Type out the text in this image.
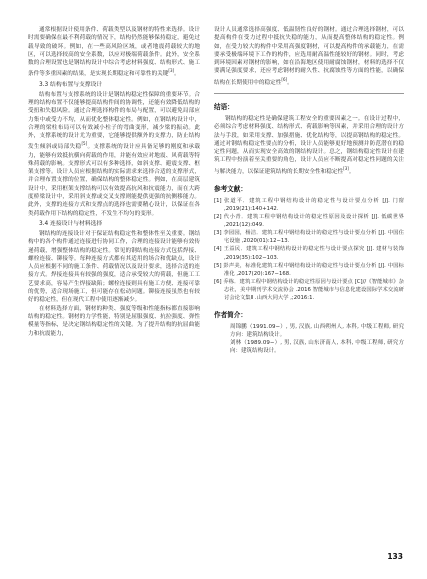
通常根据设计使用条件、荷载类型以及钢材的特性来选择。设计时需要确保在最不利荷载的情况下，结构仍然能够保持稳定，避免过载导致的破坏。例如，在一些高风险区域，或者地震荷载较大的地区，可以选择较高的安全系数，以应对极端荷载条件。此外，安全系数的合理设置也是钢结构设计中综合考虑材料强度、结构形式、施工条件等多重因素的结果，是实现长期稳定和可靠性的关键[3]。

3.3 结构布置与支撑设计

结构布置与支撑系统的设计是钢结构稳定性保障的重要环节。合理的结构布置不仅能够提高结构件间的协调性，还能有效降低结构的受扭和失稳风险。通过合理选择构件的布局与配置，可以避免局部应力集中或受力不均，从而优化整体稳定性。例如，在钢结构设计中，合理的梁柱布局可以有效减小柱子的弯曲变形，减少梁的振动。此外，支撑系统的设计尤为重要，它能够提供额外的支撑力，防止结构发生倾斜或局部失稳[5]。支撑系统的设计应具备足够的刚度和承载力，能够有效抵抗横向荷载的作用，并能有效应对地震、风荷载等特殊荷载的影响。支撑形式可以有多种选择，如斜支撑、避震支撑、框架支撑等。设计人员应根据结构的实际需求来选择合适的支撑形式，并合理布置支撑的位置，确保结构的整体稳定性。例如，在高层建筑设计中，采用框架支撑结构可以有效提高抗风和抗震能力，而在大跨度桥梁设计中，采用斜支撑或交叉支撑则能提供更强的抗侧移能力。此外，支撑的连接方式和支撑点的选择也需要精心设计，以保证在各类荷载作用下结构的稳定性，不发生不均匀的变形。

3.4 连接设计与材料选择

钢结构的连接设计对于保证结构稳定性和整体性至关重要。钢结构中的各个构件通过连接进行协同工作，合理的连接设计能够有效传递荷载，增强整体结构的稳定性。常见的钢结构连接方式包括焊接、螺栓连接、铆接等。每种连接方式都有其适用的场合和优缺点，设计人员应根据不同的施工条件、荷载情况以及设计要求，选择合适的连接方式。焊接连接具有较强的强度，适合承受较大的荷载，但施工工艺要求高，容易产生焊接缺陷；螺栓连接则具有施工方便、连接可靠的优势，适合现场施工，但可能存在松动问题。铆接连接虽然也有较好的稳定性，但在现代工程中使用逐渐减少。

在材料选择方面，钢材的种类、强度等级和性能指标都直接影响结构的稳定性。钢材的力学性能，特别是屈服强度、抗拉强度、弹性模量等指标，是决定钢结构稳定性的关键。为了提升结构的抗屈曲能力和抗震能力，

设计人员通常选择高强度、低温韧性良好的钢材。通过合理选择钢材，可以提高构件在受力过程中抵抗失稳的能力，从而提高整体结构的稳定性。例如，在受力较大的构件中采用高强度钢材，可以提高构件的承载能力，在需要承受极端环境下工作的构件，应选用耐高温性能较好的钢材。同时，考虑到环境因素对钢材的影响，如在沿海地区使用耐腐蚀钢材，材料的选择不仅要满足强度要求，还应考虑钢材的耐久性、抗腐蚀性等方面的性能，以确保结构在长期使用中的稳定性[6]。

结语：

钢结构的稳定性是确保建筑工程安全的重要因素之一。在设计过程中，必须综合考虑材料强度、结构形式、荷载影响等因素，并采用合理的设计方法与手段，如采用支撑、加强措施、优化结构等，以提高钢结构的稳定性。通过对钢结构稳定性要点的分析，设计人员能够更好地预测并防范潜在的稳定性问题，从而实现安全高效的钢结构设计。总之，钢结构稳定性设计在建筑工程中扮演着至关重要的角色，设计人员应不断提高对稳定性问题的关注与解决能力，以保证建筑结构的长期安全性和稳定性[3]。

参考文献：

[1] 张道平．建筑工程中钢结构设计的稳定性与设计要点分析 [J]. 门窗 ,2019(21):140+142.

[2] 代小青．建筑工程中钢结构设计的稳定性原因及设计探析 [J]. 低碳世界 ,2021(12):049.

[3] 李园园，杨洁．建筑工程中钢结构设计的稳定性与设计要点分析 [J]. 中国住宅设施 ,2020(01):12−13.

[4] 王益民．建筑工程中钢结构设计的稳定性与设计要点探究 [J]. 建材与装饰 ,2019(35):102−103.

[5] 彭声美，标准化建筑工程中钢结构设计的稳定性与设计要点分析 [J]. 中国标准化 ,2017(20):167−168.

[6] 乔栋．建筑工程中钢结构设计的稳定性原因与设计要点 [C]//《智能城市》杂志社，美中期刊学术交流协会 .2016 智能城市与信息化建设国际学术交流研讨会论文集Ⅱ .山西大同大学 ,;2016:1.

作者简介：

周锦鹏（1991.09−）, 男, 汉族, 山西朔州人, 本科, 中级工程师, 研究方向：建筑结构设计。

刘林（1989.09−）, 男, 汉族, 山东济南人, 本科, 中级工程师, 研究方向：建筑结构设计。

133
